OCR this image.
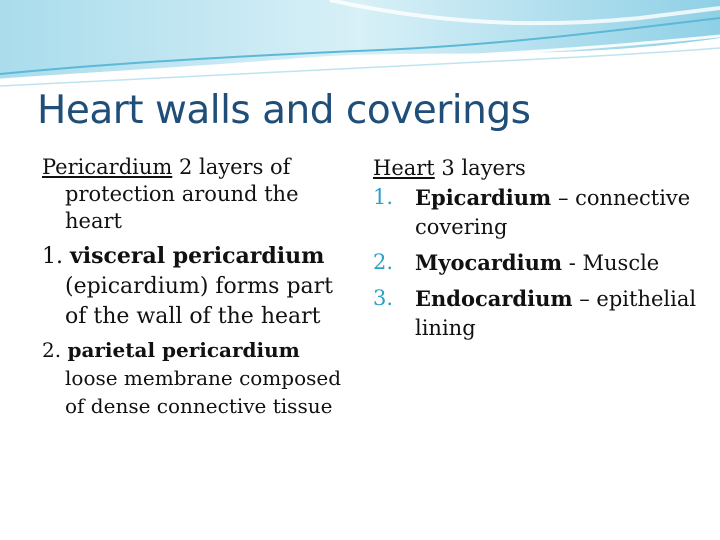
Heart walls and coverings

Pericardium 2 layers of protection around the heart

1. visceral pericardium (epicardium) forms part of the wall of the heart

2. parietal pericardium loose membrane composed of dense connective tissue

Heart 3 layers

1. Epicardium – connective covering

2. Myocardium - Muscle

3. Endocardium – epithelial lining
